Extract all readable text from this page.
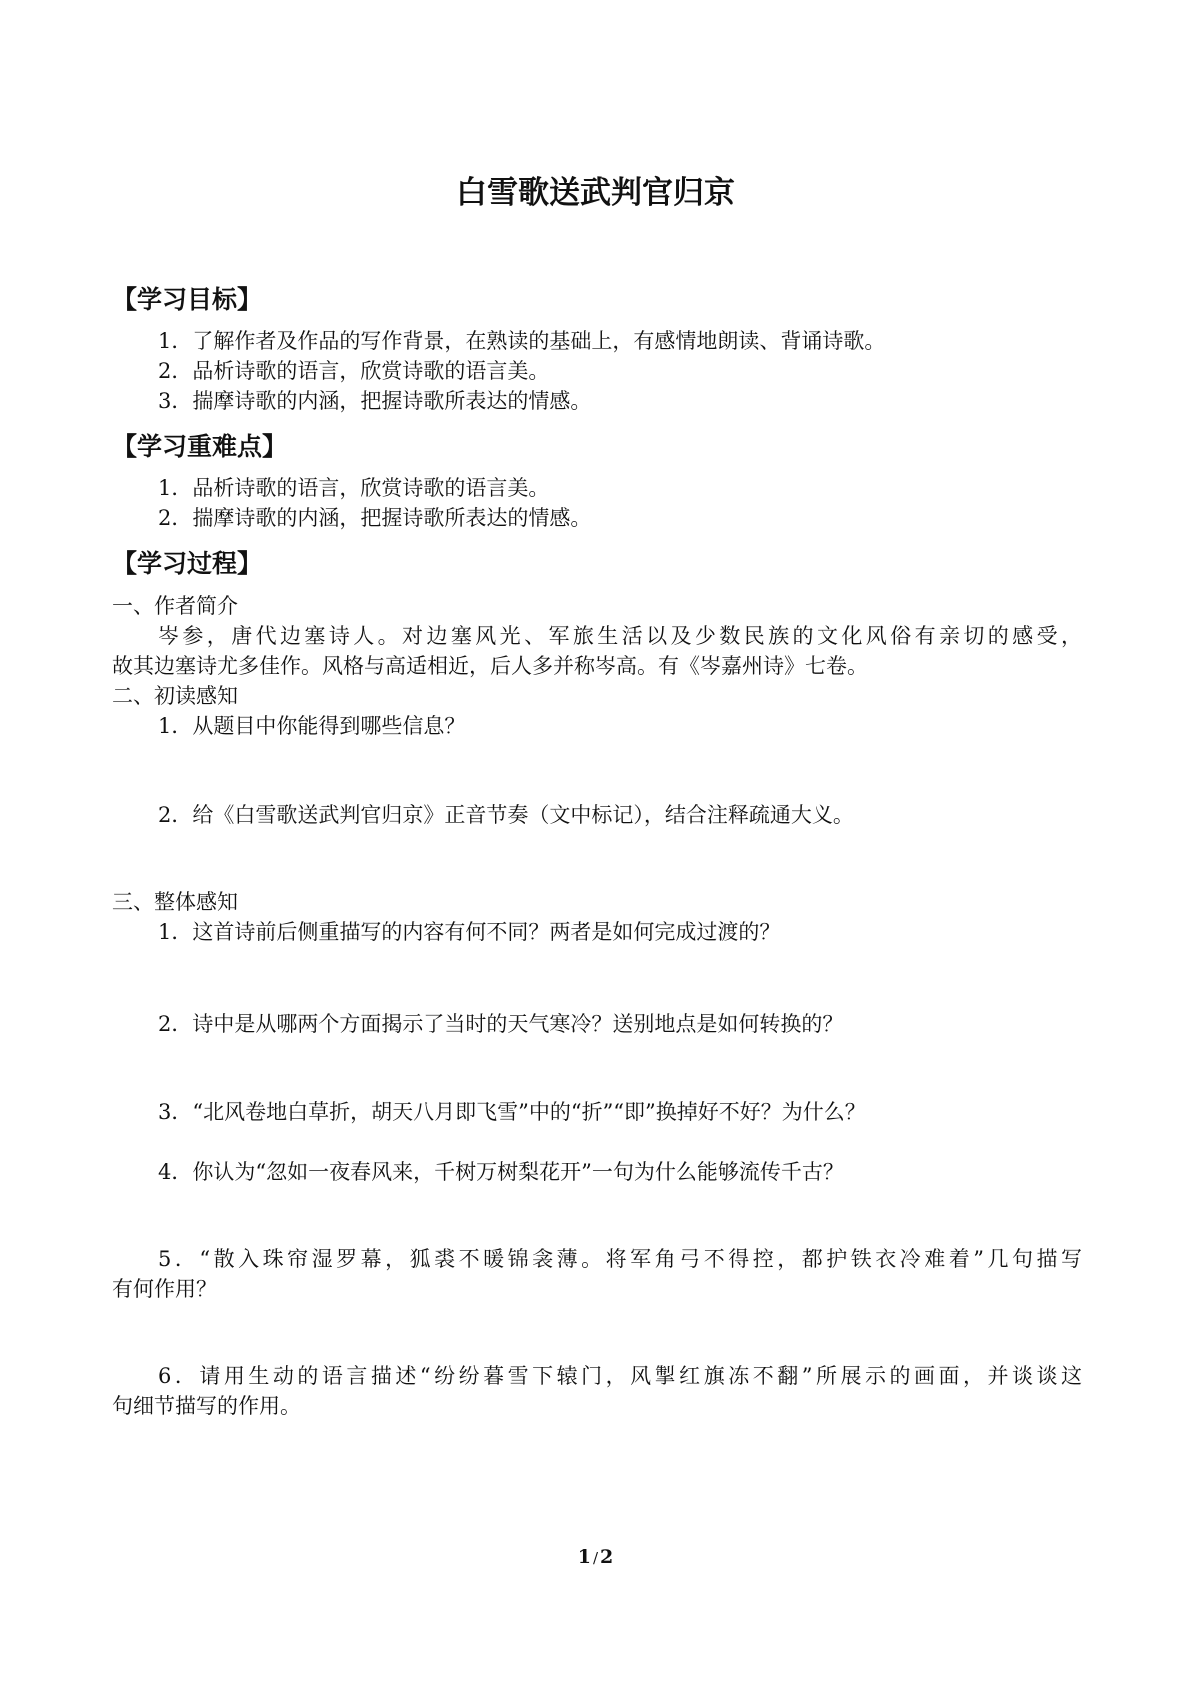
白雪歌送武判官归京
【学习目标】

1．了解作者及作品的写作背景，在熟读的基础上，有感情地朗读、背诵诗歌。

2．品析诗歌的语言，欣赏诗歌的语言美。

3．揣摩诗歌的内涵，把握诗歌所表达的情感。

【学习重难点】

1．品析诗歌的语言，欣赏诗歌的语言美。

2．揣摩诗歌的内涵，把握诗歌所表达的情感。

【学习过程】

一、作者简介

岑参，唐代边塞诗人。对边塞风光、军旅生活以及少数民族的文化风俗有亲切的感受，

故其边塞诗尤多佳作。风格与高适相近，后人多并称岑高。有《岑嘉州诗》七卷。

二、初读感知

1．从题目中你能得到哪些信息？

2．给《白雪歌送武判官归京》正音节奏（文中标记），结合注释疏通大义。

三、整体感知

1．这首诗前后侧重描写的内容有何不同？两者是如何完成过渡的？

2．诗中是从哪两个方面揭示了当时的天气寒冷？送别地点是如何转换的？

3．“北风卷地白草折，胡天八月即飞雪”中的“折”“即”换掉好不好？为什么？

4．你认为“忽如一夜春风来，千树万树梨花开”一句为什么能够流传千古？

5．“散入珠帘湿罗幕，狐裘不暖锦衾薄。将军角弓不得控，都护铁衣冷难着”几句描写

有何作用？

6．请用生动的语言描述“纷纷暮雪下辕门，风掣红旗冻不翻”所展示的画面，并谈谈这

句细节描写的作用。

1 / 2
